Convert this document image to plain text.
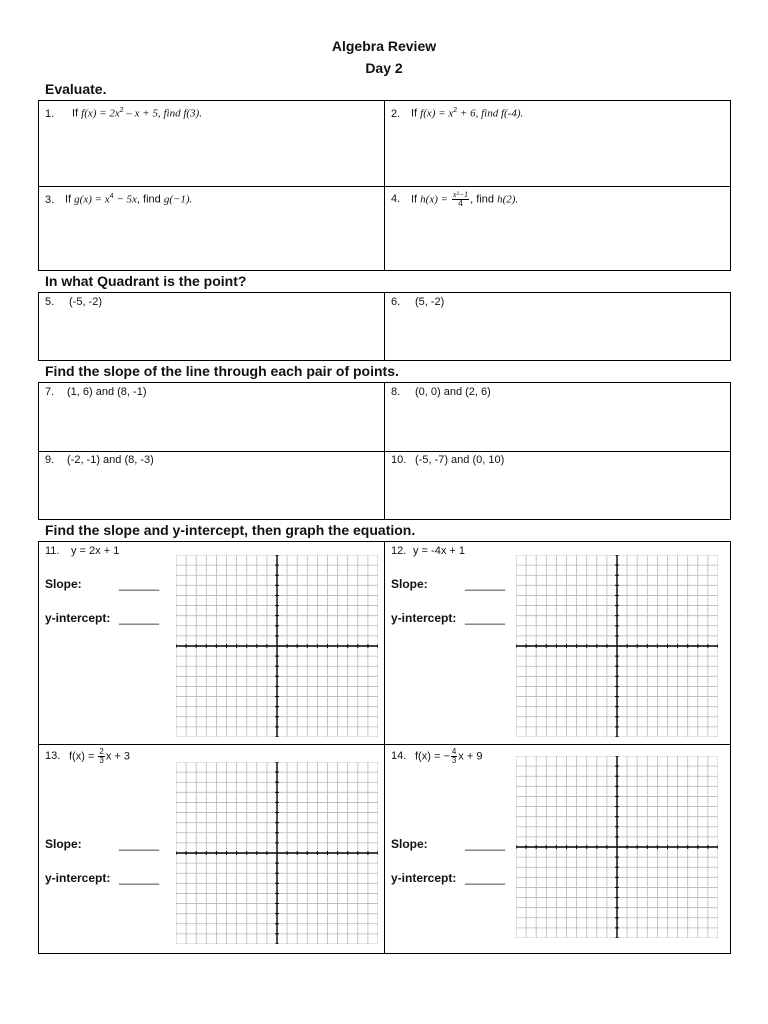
Algebra Review
Day 2
Evaluate.
1. If $f(x) = 2x^2 - x + 5$, find f(3).	2. If $f(x) = x^2 + 6$, find f(-4).
3. If $g(x) = x^4 - 5x$, find g(−1).	4. If $h(x) = \frac{\text{x²−1}}{4}$ , find h(2).
In what Quadrant is the point?
5. (-5, -2)	6. (5, -2)
Find the slope of the line through each pair of points.
7. (1, 6) and (8, -1)	8. (0, 0) and (2, 6)
9. (-2, -1) and (8, -3)	10. (-5, -7) and (0, 10)
Find the slope and y-intercept, then graph the equation.
11. y = 2x + 1
Slope:	______
y-intercept: ______
12. y = -4x + 1
Slope:	______
y-intercept: ______
13. $f(x) = \frac{2}{3}$ x + 3
Slope:	______
y-intercept: ______
14. f(x) = − $\frac{4}{3}$ x + 9
Slope:	______
y-intercept: ______
